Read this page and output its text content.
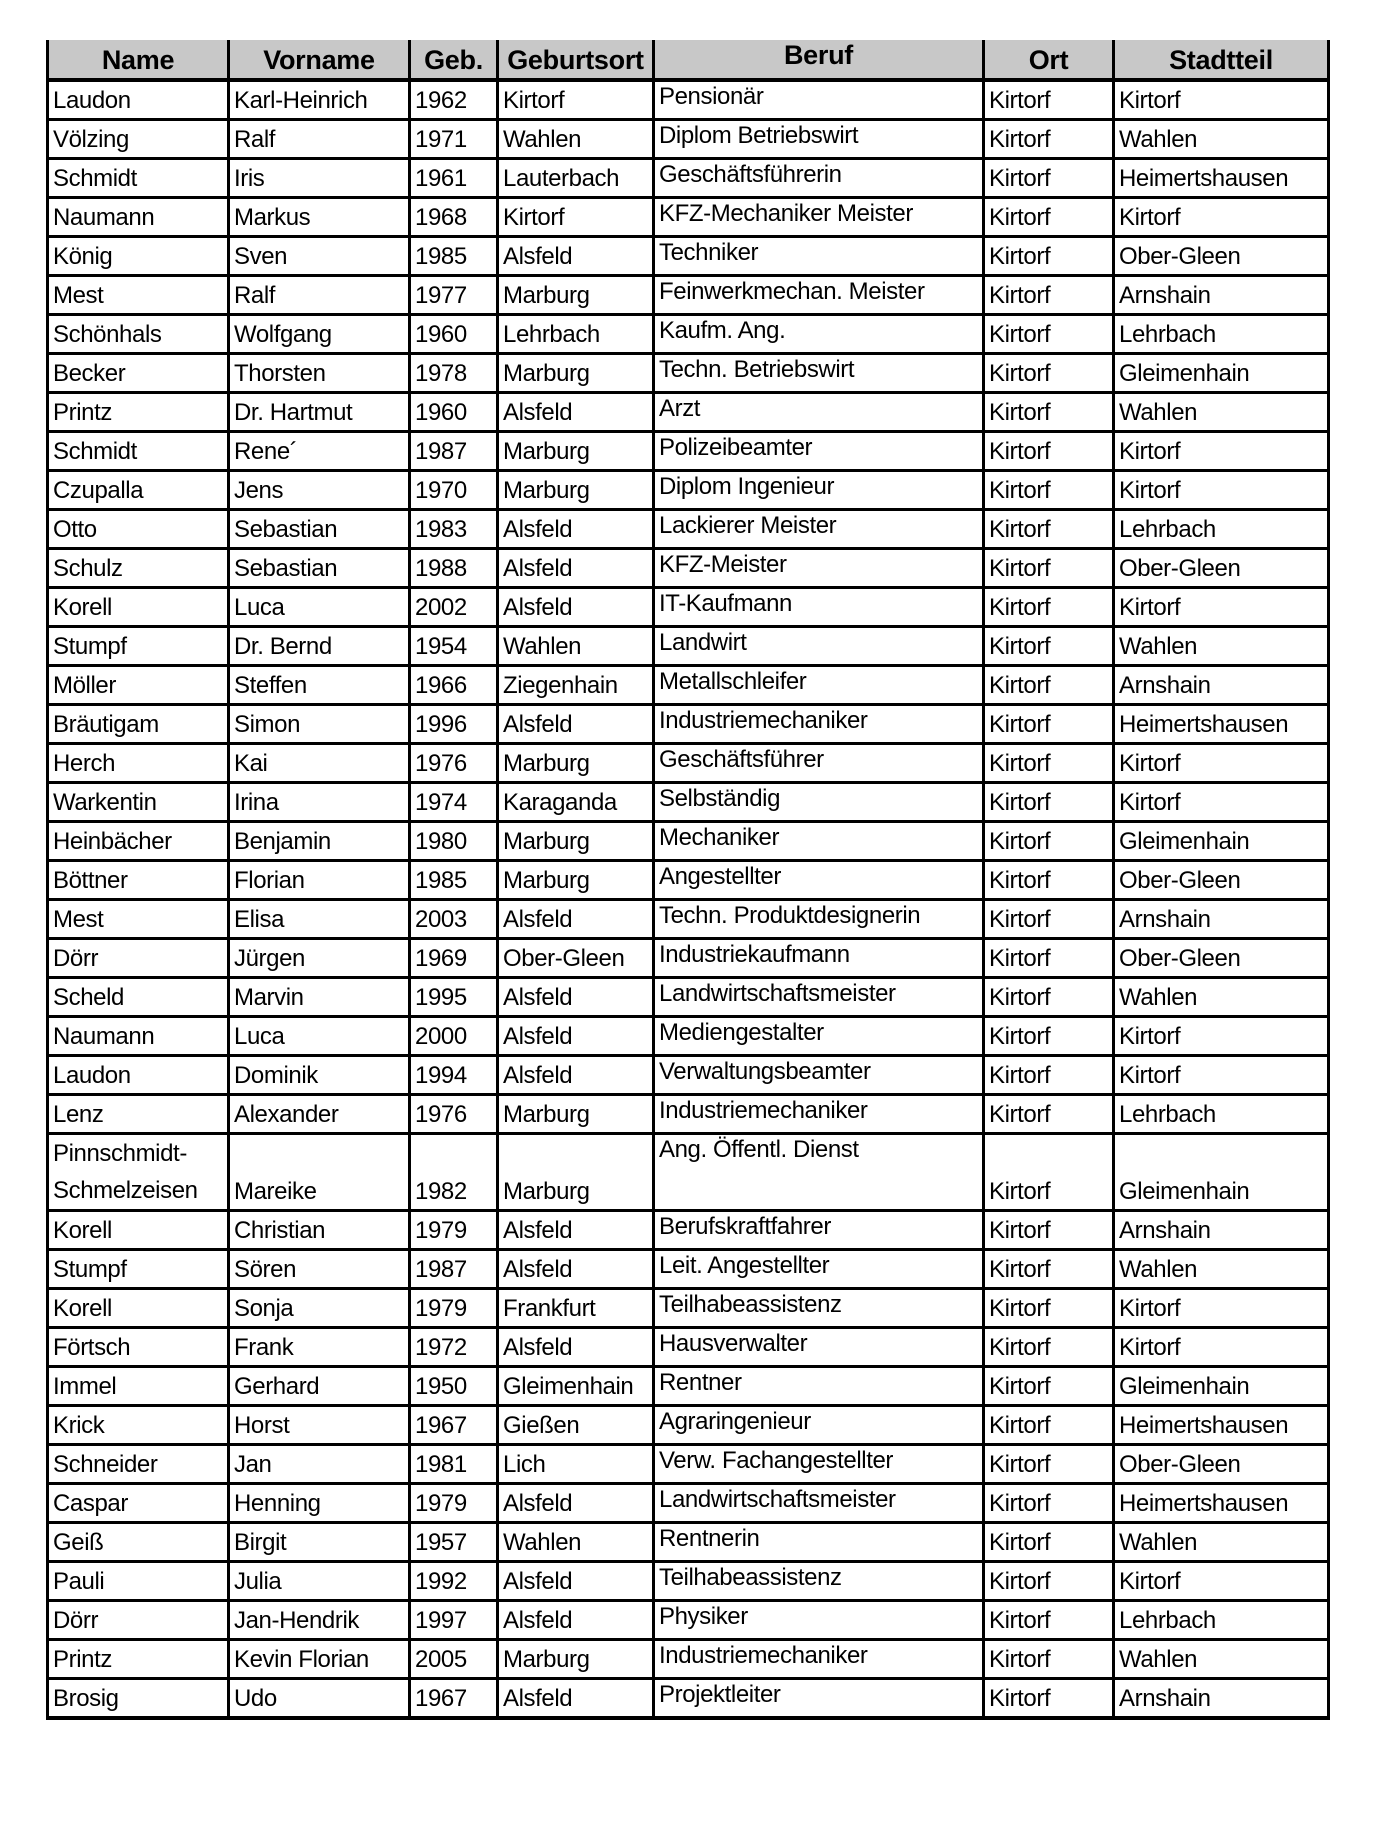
Name	Vorname	Geb.	Geburtsort	Beruf	Ort	Stadtteil
Laudon	Karl-Heinrich	1962	Kirtorf	Pensionär	Kirtorf	Kirtorf
Völzing	Ralf	1971	Wahlen	Diplom Betriebswirt	Kirtorf	Wahlen
Schmidt	Iris	1961	Lauterbach	Geschäftsführerin	Kirtorf	Heimertshausen
Naumann	Markus	1968	Kirtorf	KFZ-Mechaniker Meister	Kirtorf	Kirtorf
König	Sven	1985	Alsfeld	Techniker	Kirtorf	Ober-Gleen
Mest	Ralf	1977	Marburg	Feinwerkmechan. Meister	Kirtorf	Arnshain
Schönhals	Wolfgang	1960	Lehrbach	Kaufm. Ang.	Kirtorf	Lehrbach
Becker	Thorsten	1978	Marburg	Techn. Betriebswirt	Kirtorf	Gleimenhain
Printz	Dr. Hartmut	1960	Alsfeld	Arzt	Kirtorf	Wahlen
Schmidt	Rene´	1987	Marburg	Polizeibeamter	Kirtorf	Kirtorf
Czupalla	Jens	1970	Marburg	Diplom Ingenieur	Kirtorf	Kirtorf
Otto	Sebastian	1983	Alsfeld	Lackierer Meister	Kirtorf	Lehrbach
Schulz	Sebastian	1988	Alsfeld	KFZ-Meister	Kirtorf	Ober-Gleen
Korell	Luca	2002	Alsfeld	IT-Kaufmann	Kirtorf	Kirtorf
Stumpf	Dr. Bernd	1954	Wahlen	Landwirt	Kirtorf	Wahlen
Möller	Steffen	1966	Ziegenhain	Metallschleifer	Kirtorf	Arnshain
Bräutigam	Simon	1996	Alsfeld	Industriemechaniker	Kirtorf	Heimertshausen
Herch	Kai	1976	Marburg	Geschäftsführer	Kirtorf	Kirtorf
Warkentin	Irina	1974	Karaganda	Selbständig	Kirtorf	Kirtorf
Heinbächer	Benjamin	1980	Marburg	Mechaniker	Kirtorf	Gleimenhain
Böttner	Florian	1985	Marburg	Angestellter	Kirtorf	Ober-Gleen
Mest	Elisa	2003	Alsfeld	Techn. Produktdesignerin	Kirtorf	Arnshain
Dörr	Jürgen	1969	Ober-Gleen	Industriekaufmann	Kirtorf	Ober-Gleen
Scheld	Marvin	1995	Alsfeld	Landwirtschaftsmeister	Kirtorf	Wahlen
Naumann	Luca	2000	Alsfeld	Mediengestalter	Kirtorf	Kirtorf
Laudon	Dominik	1994	Alsfeld	Verwaltungsbeamter	Kirtorf	Kirtorf
Lenz	Alexander	1976	Marburg	Industriemechaniker	Kirtorf	Lehrbach
Pinnschmidt- Schmelzeisen	Mareike	1982	Marburg	Ang. Öffentl. Dienst	Kirtorf	Gleimenhain
Korell	Christian	1979	Alsfeld	Berufskraftfahrer	Kirtorf	Arnshain
Stumpf	Sören	1987	Alsfeld	Leit. Angestellter	Kirtorf	Wahlen
Korell	Sonja	1979	Frankfurt	Teilhabeassistenz	Kirtorf	Kirtorf
Förtsch	Frank	1972	Alsfeld	Hausverwalter	Kirtorf	Kirtorf
Immel	Gerhard	1950	Gleimenhain	Rentner	Kirtorf	Gleimenhain
Krick	Horst	1967	Gießen	Agraringenieur	Kirtorf	Heimertshausen
Schneider	Jan	1981	Lich	Verw. Fachangestellter	Kirtorf	Ober-Gleen
Caspar	Henning	1979	Alsfeld	Landwirtschaftsmeister	Kirtorf	Heimertshausen
Geiß	Birgit	1957	Wahlen	Rentnerin	Kirtorf	Wahlen
Pauli	Julia	1992	Alsfeld	Teilhabeassistenz	Kirtorf	Kirtorf
Dörr	Jan-Hendrik	1997	Alsfeld	Physiker	Kirtorf	Lehrbach
Printz	Kevin Florian	2005	Marburg	Industriemechaniker	Kirtorf	Wahlen
Brosig	Udo	1967	Alsfeld	Projektleiter	Kirtorf	Arnshain
